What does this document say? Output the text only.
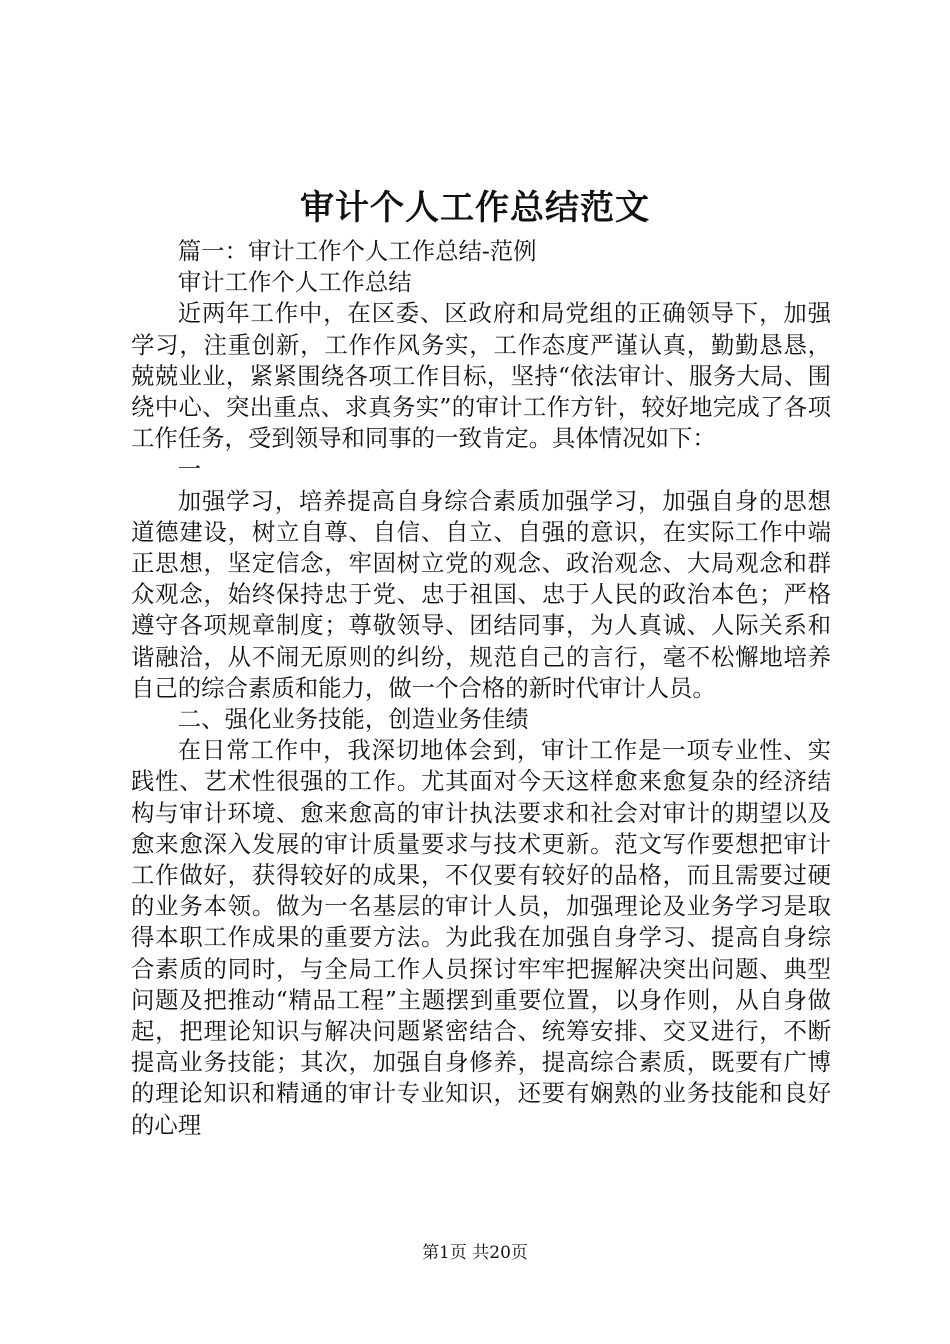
审计个人工作总结范文

篇一：审计工作个人工作总结-范例

审计工作个人工作总结

近两年工作中，在区委、区政府和局党组的正确领导下，加强学习，注重创新，工作作风务实，工作态度严谨认真，勤勤恳恳，兢兢业业，紧紧围绕各项工作目标，坚持“依法审计、服务大局、围绕中心、突出重点、求真务实”的审计工作方针，较好地完成了各项工作任务，受到领导和同事的一致肯定。具体情况如下：

一

加强学习，培养提高自身综合素质加强学习，加强自身的思想道德建设，树立自尊、自信、自立、自强的意识，在实际工作中端正思想，坚定信念，牢固树立党的观念、政治观念、大局观念和群众观念，始终保持忠于党、忠于祖国、忠于人民的政治本色；严格遵守各项规章制度；尊敬领导、团结同事，为人真诚、人际关系和谐融洽，从不闹无原则的纠纷，规范自己的言行，毫不松懈地培养自己的综合素质和能力，做一个合格的新时代审计人员。

二、强化业务技能，创造业务佳绩

在日常工作中，我深切地体会到，审计工作是一项专业性、实践性、艺术性很强的工作。尤其面对今天这样愈来愈复杂的经济结构与审计环境、愈来愈高的审计执法要求和社会对审计的期望以及愈来愈深入发展的审计质量要求与技术更新。范文写作要想把审计工作做好，获得较好的成果，不仅要有较好的品格，而且需要过硬的业务本领。做为一名基层的审计人员，加强理论及业务学习是取得本职工作成果的重要方法。为此我在加强自身学习、提高自身综合素质的同时，与全局工作人员探讨牢牢把握解决突出问题、典型问题及把推动“精品工程”主题摆到重要位置，以身作则，从自身做起，把理论知识与解决问题紧密结合、统筹安排、交叉进行，不断提高业务技能；其次，加强自身修养，提高综合素质，既要有广博的理论知识和精通的审计专业知识，还要有娴熟的业务技能和良好的心理

第1页 共20页
